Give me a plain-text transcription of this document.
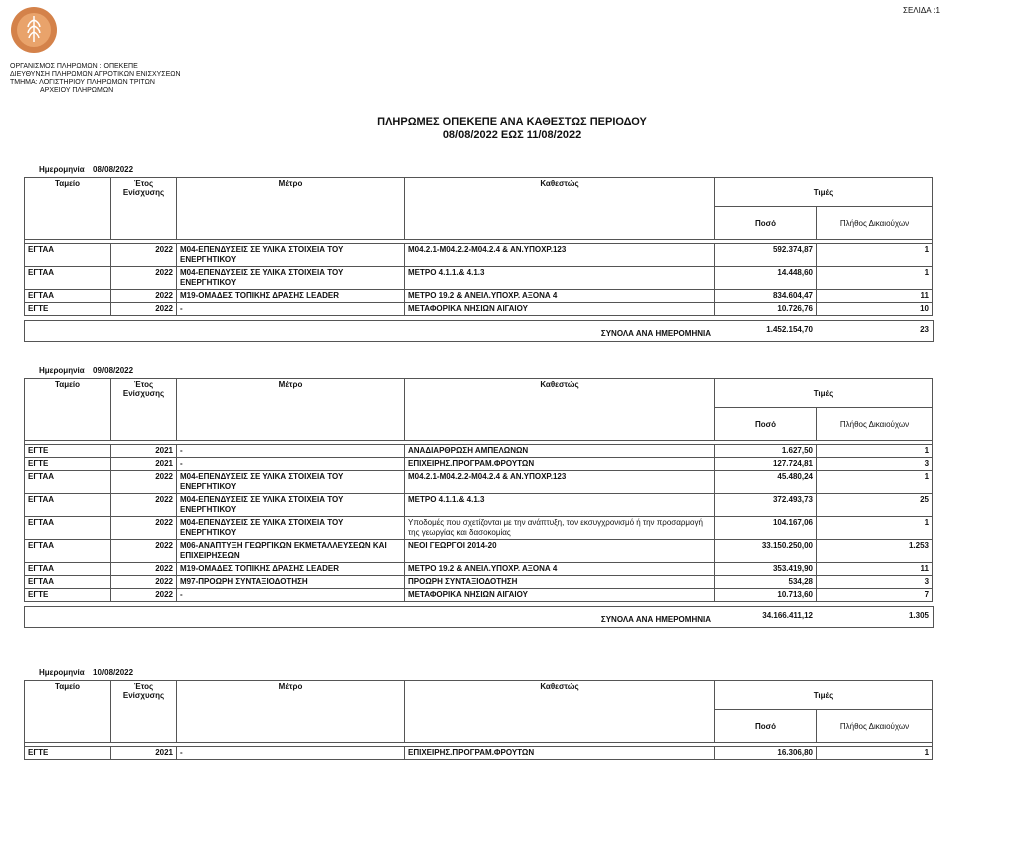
ΣΕΛΙΔΑ :1
ΟΡΓΑΝΙΣΜΟΣ ΠΛΗΡΩΜΩΝ : ΟΠΕΚΕΠΕ
ΔΙΕΥΘΥΝΣΗ ΠΛΗΡΩΜΩΝ ΑΓΡΟΤΙΚΩΝ ΕΝΙΣΧΥΣΕΩΝ
ΤΜΗΜΑ: ΛΟΓΙΣΤΗΡΙΟΥ ΠΛΗΡΩΜΩΝ ΤΡΙΤΩΝ
ΑΡΧΕΙΟΥ ΠΛΗΡΩΜΩΝ
ΠΛΗΡΩΜΕΣ ΟΠΕΚΕΠΕ ΑΝΑ ΚΑΘΕΣΤΩΣ ΠΕΡΙΟΔΟΥ
08/08/2022 ΕΩΣ 11/08/2022
Ημερομηνία 08/08/2022
Ταμείο	Έτος Ενίσχυσης	Μέτρο	Καθεστώς	Τιμές	
				Ποσό	Πλήθος Δικαιούχων

ΕΓΤΑΑ	2022	Μ04-ΕΠΕΝΔΥΣΕΙΣ ΣΕ ΥΛΙΚΑ ΣΤΟΙΧΕΙΑ ΤΟΥ ΕΝΕΡΓΗΤΙΚΟΥ	Μ04.2.1-Μ04.2.2-Μ04.2.4 & ΑΝ.ΥΠΟΧΡ.123	592.374,87	1
ΕΓΤΑΑ	2022	Μ04-ΕΠΕΝΔΥΣΕΙΣ ΣΕ ΥΛΙΚΑ ΣΤΟΙΧΕΙΑ ΤΟΥ ΕΝΕΡΓΗΤΙΚΟΥ	ΜΕΤΡΟ 4.1.1.& 4.1.3	14.448,60	1
ΕΓΤΑΑ	2022	Μ19-ΟΜΑΔΕΣ ΤΟΠΙΚΗΣ ΔΡΑΣΗΣ LEADER	ΜΕΤΡΟ 19.2 & ΑΝΕΙΛ.ΥΠΟΧΡ. ΑΞΟΝΑ 4	834.604,47	11
ΕΓΤΕ	2022	-	ΜΕΤΑΦΟΡΙΚΑ ΝΗΣΙΩΝ ΑΙΓΑΙΟΥ	10.726,76	10
ΣΥΝΟΛΑ ΑΝΑ ΗΜΕΡΟΜΗΝΙΑ	1.452.154,70	23
Ημερομηνία 09/08/2022
Ταμείο	Έτος Ενίσχυσης	Μέτρο	Καθεστώς	Τιμές	
				Ποσό	Πλήθος Δικαιούχων

ΕΓΤΕ	2021	-	ΑΝΑΔΙΑΡΘΡΩΣΗ ΑΜΠΕΛΩΝΩΝ	1.627,50	1
ΕΓΤΕ	2021	-	ΕΠΙΧΕΙΡΗΣ.ΠΡΟΓΡΑΜ.ΦΡΟΥΤΩΝ	127.724,81	3
ΕΓΤΑΑ	2022	Μ04-ΕΠΕΝΔΥΣΕΙΣ ΣΕ ΥΛΙΚΑ ΣΤΟΙΧΕΙΑ ΤΟΥ ΕΝΕΡΓΗΤΙΚΟΥ	Μ04.2.1-Μ04.2.2-Μ04.2.4 & ΑΝ.ΥΠΟΧΡ.123	45.480,24	1
ΕΓΤΑΑ	2022	Μ04-ΕΠΕΝΔΥΣΕΙΣ ΣΕ ΥΛΙΚΑ ΣΤΟΙΧΕΙΑ ΤΟΥ ΕΝΕΡΓΗΤΙΚΟΥ	ΜΕΤΡΟ 4.1.1.& 4.1.3	372.493,73	25
ΕΓΤΑΑ	2022	Μ04-ΕΠΕΝΔΥΣΕΙΣ ΣΕ ΥΛΙΚΑ ΣΤΟΙΧΕΙΑ ΤΟΥ ΕΝΕΡΓΗΤΙΚΟΥ	Υποδομές που σχετίζονται με την ανάπτυξη, τον εκσυγχρονισμό ή την προσαρμογή της γεωργίας και δασοκομίας	104.167,06	1
ΕΓΤΑΑ	2022	Μ06-ΑΝΑΠΤΥΞΗ ΓΕΩΡΓΙΚΩΝ ΕΚΜΕΤΑΛΛΕΥΣΕΩΝ ΚΑΙ ΕΠΙΧΕΙΡΗΣΕΩΝ	ΝΕΟΙ ΓΕΩΡΓΟΙ 2014-20	33.150.250,00	1.253
ΕΓΤΑΑ	2022	Μ19-ΟΜΑΔΕΣ ΤΟΠΙΚΗΣ ΔΡΑΣΗΣ LEADER	ΜΕΤΡΟ 19.2 & ΑΝΕΙΛ.ΥΠΟΧΡ. ΑΞΟΝΑ 4	353.419,90	11
ΕΓΤΑΑ	2022	Μ97-ΠΡΟΩΡΗ ΣΥΝΤΑΞΙΟΔΟΤΗΣΗ	ΠΡΟΩΡΗ ΣΥΝΤΑΞΙΟΔΟΤΗΣΗ	534,28	3
ΕΓΤΕ	2022	-	ΜΕΤΑΦΟΡΙΚΑ ΝΗΣΙΩΝ ΑΙΓΑΙΟΥ	10.713,60	7
ΣΥΝΟΛΑ ΑΝΑ ΗΜΕΡΟΜΗΝΙΑ	34.166.411,12	1.305
Ημερομηνία 10/08/2022
Ταμείο	Έτος Ενίσχυσης	Μέτρο	Καθεστώς	Τιμές	
				Ποσό	Πλήθος Δικαιούχων

ΕΓΤΕ	2021	-	ΕΠΙΧΕΙΡΗΣ.ΠΡΟΓΡΑΜ.ΦΡΟΥΤΩΝ	16.306,80	1
